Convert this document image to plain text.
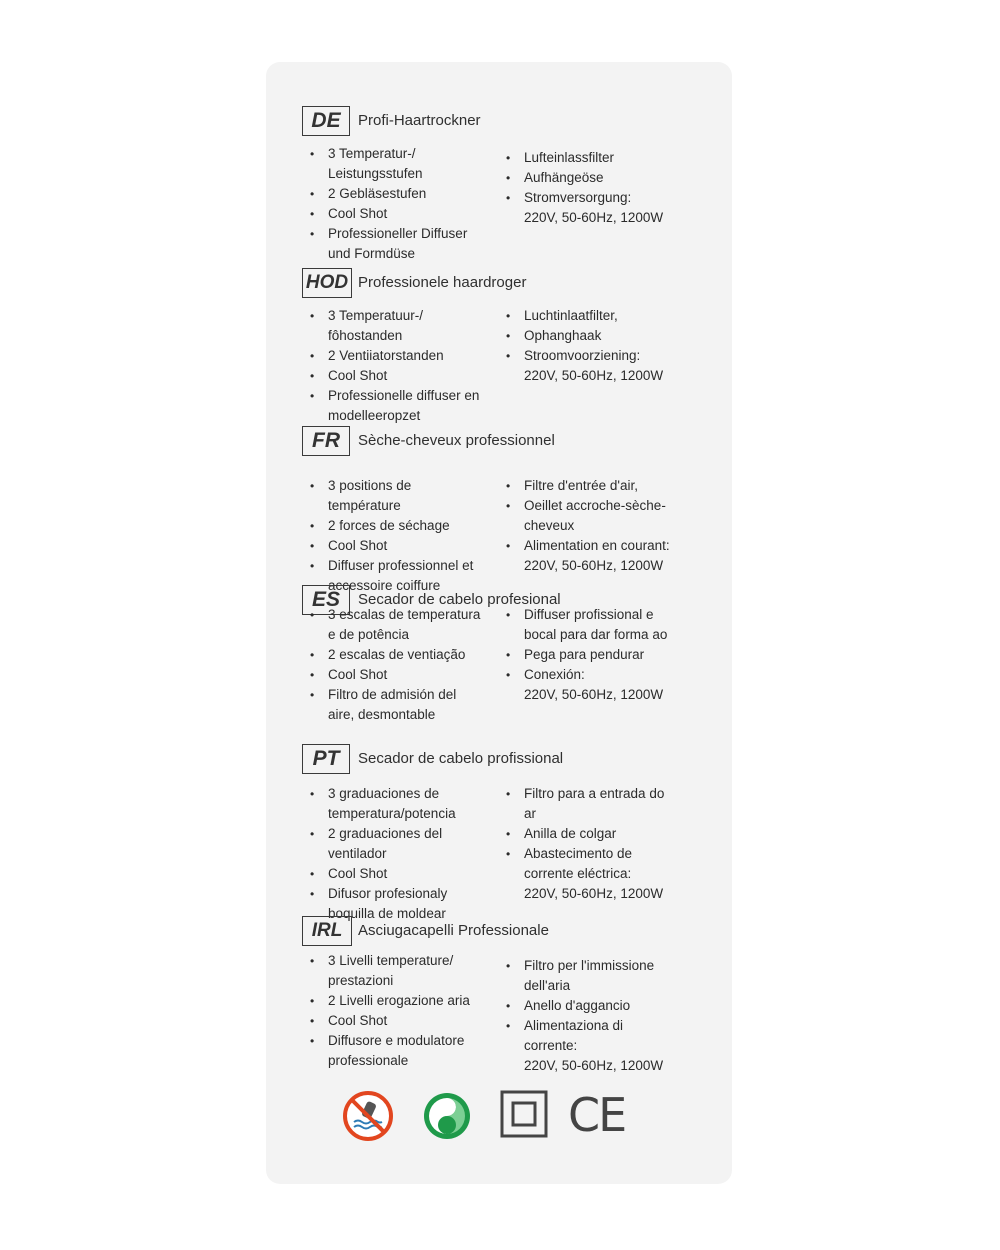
DE	Profi-Haartrockner
•	3 Temperatur-/
Leistungsstufen
•	2 Gebläsestufen
•	Cool Shot
•	Professioneller Diffuser
und Formdüse
•	Lufteinlassfilter
•	Aufhängeöse
•	Stromversorgung:
220V, 50-60Hz, 1200W
HOD Professionele haardroger
•	3 Temperatuur-/
fôhostanden
•	2 Ventiiatorstanden
•	Cool Shot
•	Professionelle diffuser en
modelleeropzet
•	Luchtinlaatfilter,
•	Ophanghaak
•	Stroomvoorziening:
220V, 50-60Hz, 1200W
FR	Sèche-cheveux professionnel
•	3 positions de
température
•	2 forces de séchage
•	Cool Shot
•	Diffuser professionnel et
accessoire coiffure
•	Filtre d'entrée d'air,
•	Oeillet accroche-sèche-
cheveux
•	Alimentation en courant:
220V, 50-60Hz, 1200W
ES	Secador de cabelo profesional
•	3 escalas de temperatura
e de potência
•	2 escalas de ventiação
•	Cool Shot
•	Filtro de admisión del
aire, desmontable
•	Diffuser profissional e
bocal para dar forma ao
•	Pega para pendurar
•	Conexión:
220V, 50-60Hz, 1200W
PT	Secador de cabelo profissional
•	3 graduaciones de
temperatura/potencia
•	2 graduaciones del
ventilador
•	Cool Shot
•	Difusor profesionaly
boquilla de moldear
•	Filtro para a entrada do
ar
•	Anilla de colgar
•	Abastecimento de
corrente eléctrica:
220V, 50-60Hz, 1200W
IRL	Asciugacapelli Professionale
•	3 Livelli temperature/
prestazioni
•	2 Livelli erogazione aria
•	Cool Shot
•	Diffusore e modulatore
professionale
•	Filtro per l'immissione
dell'aria
•	Anello d'aggancio
•	Alimentaziona di
corrente:
220V, 50-60Hz, 1200W
CE
